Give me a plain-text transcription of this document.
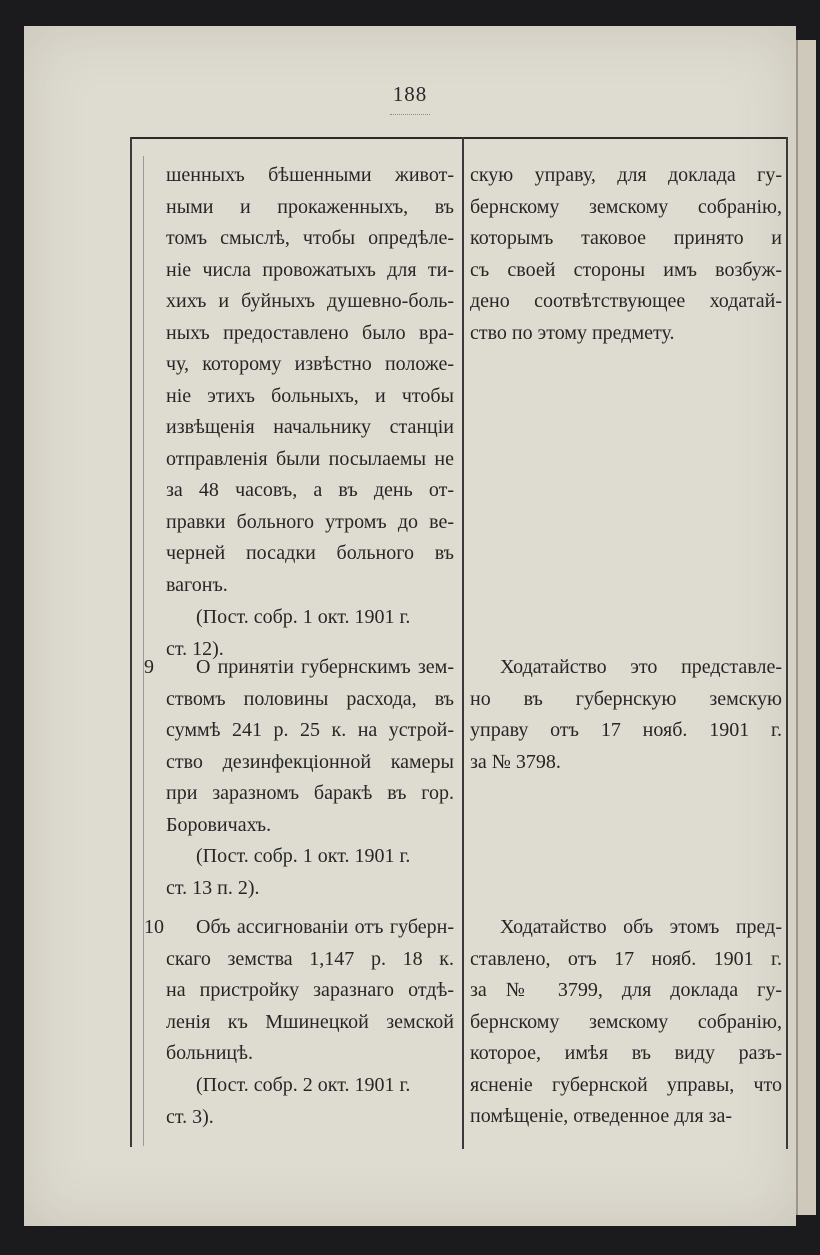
188

шенныхъ бѣшенными живот-

ными и прокаженныхъ, въ

томъ смыслѣ, чтобы опредѣле-

ніе числа провожатыхъ для ти-

хихъ и буйныхъ душевно-боль-

ныхъ предоставлено было вра-

чу, которому извѣстно положе-

ніе этихъ больныхъ, и чтобы

извѣщенія начальнику станціи

отправленія были посылаемы не

за 48 часовъ, а въ день от-

правки больного утромъ до ве-

черней посадки больного въ

вагонъ.

(Пост. собр. 1 окт. 1901 г.

ст. 12).

9	О принятіи губернскимъ зем-

ствомъ половины расхода, въ

суммѣ 241 р. 25 к. на устрой-

ство дезинфекціонной камеры

при заразномъ баракѣ въ гор.

Боровичахъ.

(Пост. собр. 1 окт. 1901 г.

ст. 13 п. 2).

10	Объ ассигнованіи отъ губерн-

скаго земства 1,147 р. 18 к.

на пристройку заразнаго отдѣ-

ленія къ Мшинецкой земской

больницѣ.

(Пост. собр. 2 окт. 1901 г.

ст. 3).

скую управу, для доклада гу-

бернскому земскому собранію,

которымъ таковое принято и

съ своей стороны имъ возбуж-

дено соотвѣтствующее ходатай-

ство по этому предмету.

Ходатайство это представле-

но въ губернскую земскую

управу отъ 17 нояб. 1901 г.

за № 3798.

Ходатайство объ этомъ пред-

ставлено, отъ 17 нояб. 1901 г.

за № 3799, для доклада гу-

бернскому земскому собранію,

которое, имѣя въ виду разъ-

ясненіе губернской управы, что

помѣщеніе, отведенное для за-
